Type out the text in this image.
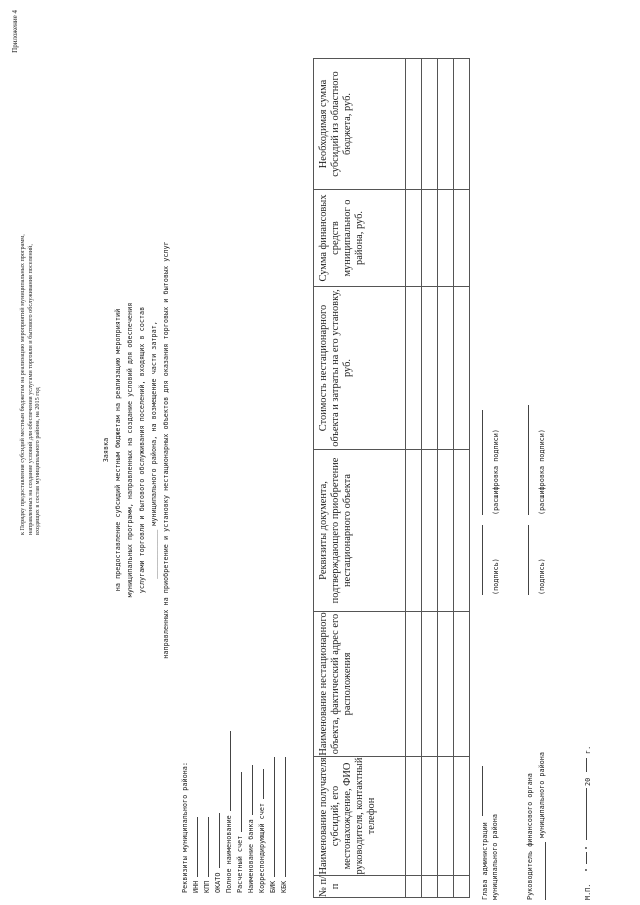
Приложение 4
к Порядку предоставления субсидий местным бюджетам на реализацию мероприятий муниципальных программ, направленных на создание условий для обеспечения услугами торговли и бытового обслуживания поселений, входящих в состав муниципального района, на 2015 год	Заявка на предоставление субсидий местным бюджетам на реализацию мероприятий муниципальных программ, направленных на создание условий для обеспечения услугами торговли и бытового обслуживания поселений, входящих в состав ____________ муниципального района, на возмещение части затрат, направленных на приобретение и установку нестационарных объектов для оказания торговых и бытовых услуг
Реквизиты муниципального района: ИНН КПП ОКАТО Полное наименование Расчетный счет Наименование банка Корреспондирующий счет БИК КБК	№ п/п	Наименование получателя субсидий, его местонахождение, ФИО руководителя, контактный телефон	Наименование нестационарного объекта, фактический адрес его расположения	Реквизиты документа, подтверждающего приобретение нестационарного объекта	Стоимость нестационарного объекта и затраты на его установку, руб.	Сумма финансовых средств муниципальног о района, руб.	Необходимая сумма субсидий из областного бюджета, руб.

Глава администрации муниципального района
(подпись)
(расшифровка подписи)
Руководитель финансового органа муниципального района
(подпись)
(расшифровка подписи)
М.П.
"
"
20
г.
